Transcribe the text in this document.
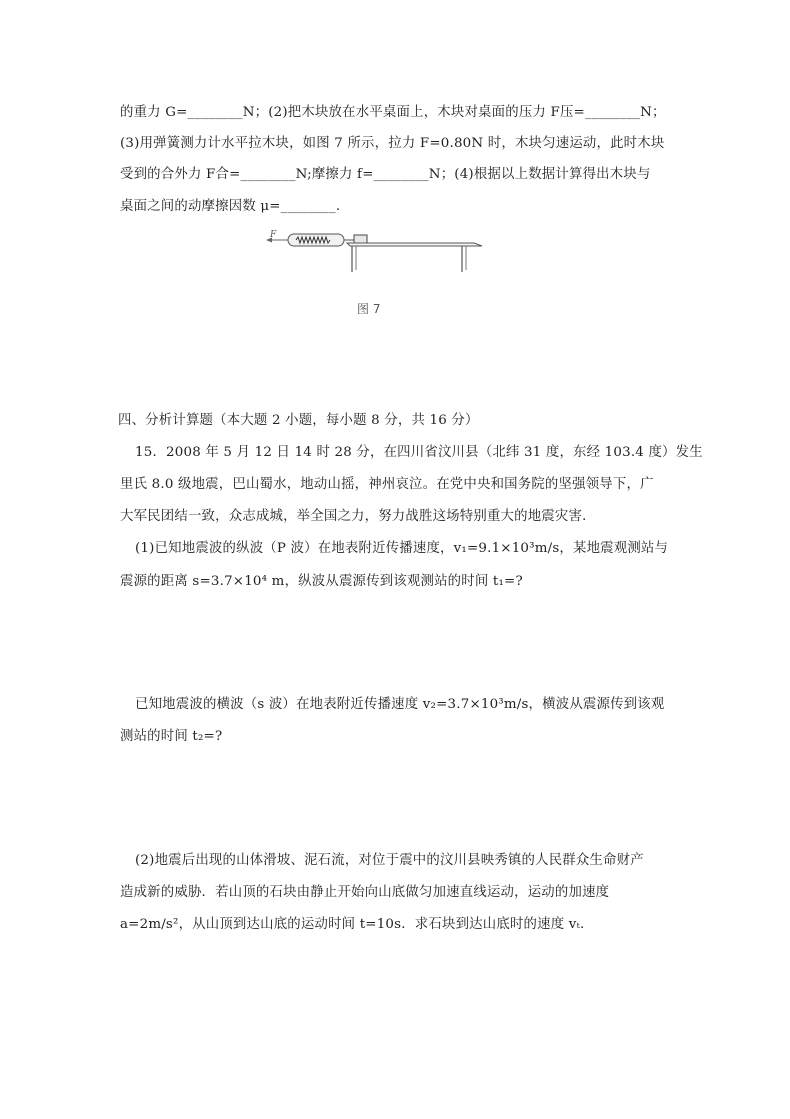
的重力 G=________N；(2)把木块放在水平桌面上，木块对桌面的压力 F压=________N；
(3)用弹簧测力计水平拉木块，如图 7 所示，拉力 F=0.80N 时，木块匀速运动，此时木块
受到的合外力 F合=________N;摩擦力 f=________N；(4)根据以上数据计算得出木块与
桌面之间的动摩擦因数 μ=________.
F
图 7
四、分析计算题（本大题 2 小题，每小题 8 分，共 16 分）
15．2008 年 5 月 12 日 14 时 28 分，在四川省汶川县（北纬 31 度，东经 103.4 度）发生
里氏 8.0 级地震，巴山蜀水，地动山摇，神州哀泣。在党中央和国务院的坚强领导下，广
大军民团结一致，众志成城，举全国之力，努力战胜这场特别重大的地震灾害．
(1)已知地震波的纵波（P 波）在地表附近传播速度，v₁=9.1×10³m/s，某地震观测站与
震源的距离 s=3.7×10⁴ m，纵波从震源传到该观测站的时间 t₁=?
已知地震波的横波（s 波）在地表附近传播速度 v₂=3.7×10³m/s，横波从震源传到该观
测站的时间 t₂=?
(2)地震后出现的山体滑坡、泥石流，对位于震中的汶川县映秀镇的人民群众生命财产
造成新的威胁．若山顶的石块由静止开始向山底做匀加速直线运动，运动的加速度
a=2m/s²，从山顶到达山底的运动时间 t=10s．求石块到达山底时的速度 vₜ.
